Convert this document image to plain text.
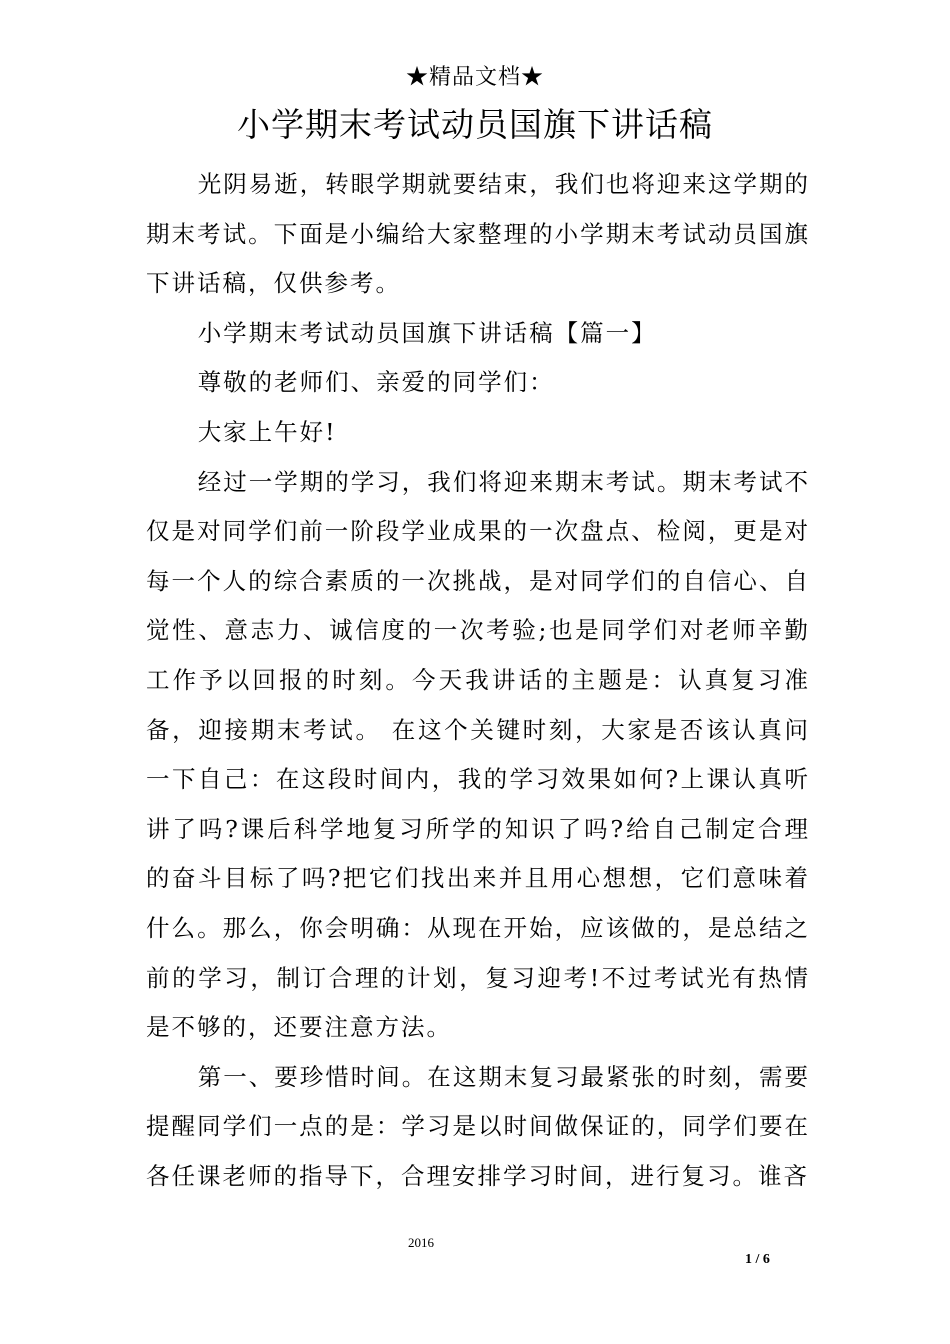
★精品文档★
小学期末考试动员国旗下讲话稿

光阴易逝，转眼学期就要结束，我们也将迎来这学期的期末考试。下面是小编给大家整理的小学期末考试动员国旗下讲话稿，仅供参考。

小学期末考试动员国旗下讲话稿【篇一】

尊敬的老师们、亲爱的同学们：

大家上午好!

经过一学期的学习，我们将迎来期末考试。期末考试不仅是对同学们前一阶段学业成果的一次盘点、检阅，更是对每一个人的综合素质的一次挑战，是对同学们的自信心、自觉性、意志力、诚信度的一次考验;也是同学们对老师辛勤工作予以回报的时刻。今天我讲话的主题是：认真复习准备，迎接期末考试。 在这个关键时刻，大家是否该认真问一下自己：在这段时间内，我的学习效果如何?上课认真听讲了吗?课后科学地复习所学的知识了吗?给自己制定合理的奋斗目标了吗?把它们找出来并且用心想想，它们意味着什么。那么，你会明确：从现在开始，应该做的，是总结之前的学习，制订合理的计划，复习迎考!不过考试光有热情是不够的，还要注意方法。

第一、要珍惜时间。在这期末复习最紧张的时刻，需要提醒同学们一点的是：学习是以时间做保证的，同学们要在各任课老师的指导下，合理安排学习时间，进行复习。谁吝

2016
1 / 6
